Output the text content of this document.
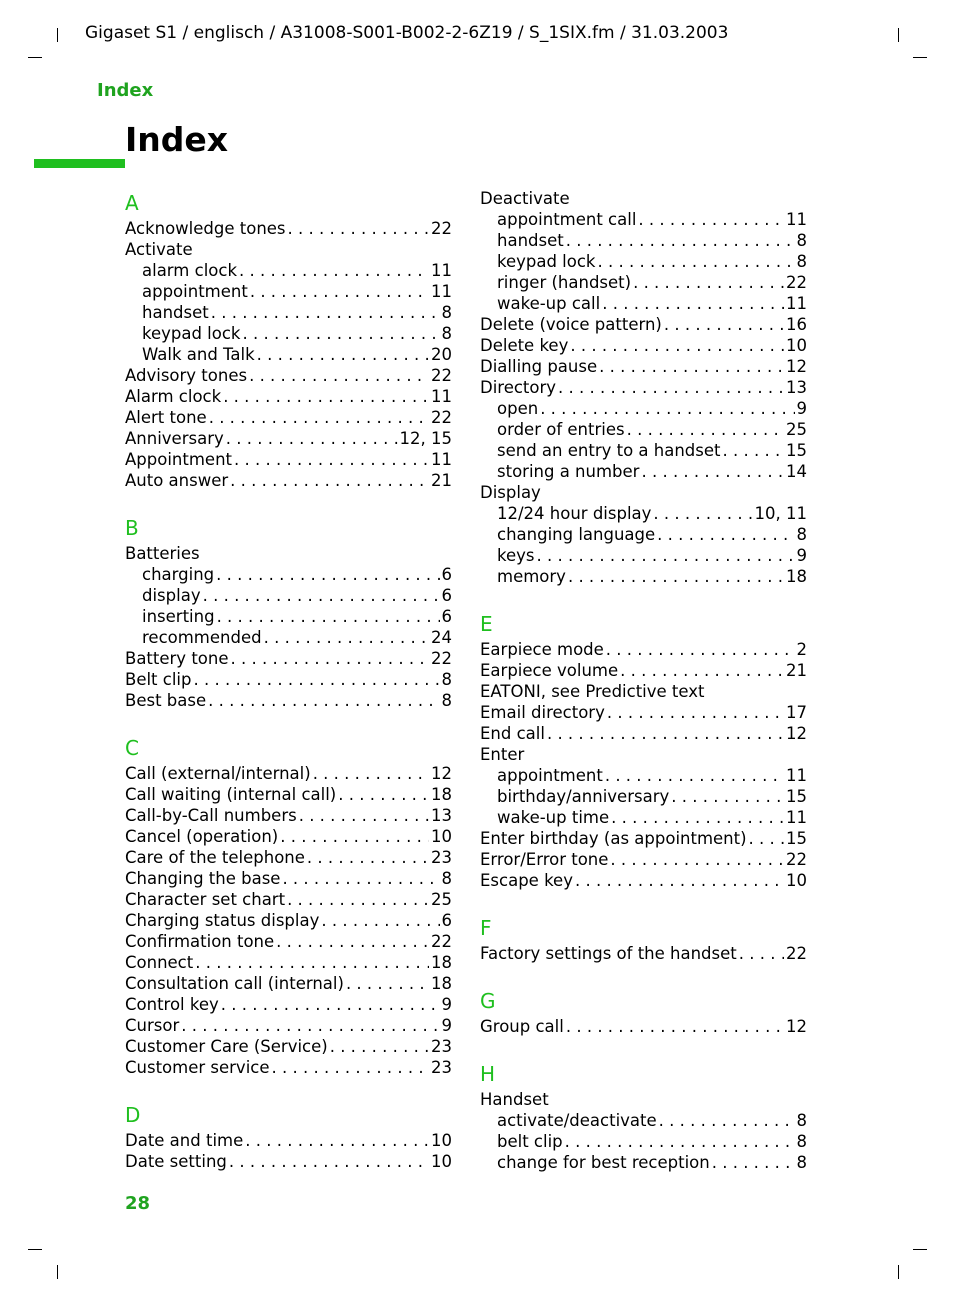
Gigaset S1 / englisch / A31008-S001-B002-2-6Z19 / S_1SIX.fm / 31.03.2003
Index
Index
A
Acknowledge tones . . .	22
Activate
alarm clock . . .	11
appointment . . .	11
handset . . .	8
keypad lock . . .	8
Walk and Talk . . .	20
Advisory tones . . .	22
Alarm clock . . .	11
Alert tone . . .	22
Anniversary . . .	12, 15
Appointment . . .	11
Auto answer . . .	21
B
Batteries
charging . . .	6
display . . .	6
inserting . . .	6
recommended . . .	24
Battery tone . . .	22
Belt clip . . .	8
Best base . . .	8
C
Call (external/internal) . . .	12
Call waiting (internal call) . . .	18
Call-by-Call numbers . . .	13
Cancel (operation) . . .	10
Care of the telephone . . .	23
Changing the base . . .	8
Character set chart . . .	25
Charging status display . . .	6
Confirmation tone . . .	22
Connect . . .	18
Consultation call (internal) . . .	18
Control key . . .	9
Cursor . . .	9
Customer Care (Service) . . .	23
Customer service . . .	23
D
Date and time . . .	10
Date setting . . .	10
Deactivate
appointment call . . .	11
handset . . .	8
keypad lock . . .	8
ringer (handset) . . .	22
wake-up call . . .	11
Delete (voice pattern) . . .	16
Delete key . . .	10
Dialling pause . . .	12
Directory . . .	13
open . . .	9
order of entries . . .	25
send an entry to a handset . . .	15
storing a number . . .	14
Display
12/24 hour display . . .	10, 11
changing language . . .	8
keys . . .	9
memory . . .	18
E
Earpiece mode . . .	2
Earpiece volume . . .	21
EATONI, see Predictive text
Email directory . . .	17
End call . . .	12
Enter
appointment . . .	11
birthday/anniversary . . .	15
wake-up time . . .	11
Enter birthday (as appointment) . . . 15
Error/Error tone . . .	22
Escape key . . .	10
F
Factory settings of the handset . . .	22
G
Group call . . .	12
H
Handset
activate/deactivate . . .	8
belt clip . . .	8
change for best reception . . .	8
28
